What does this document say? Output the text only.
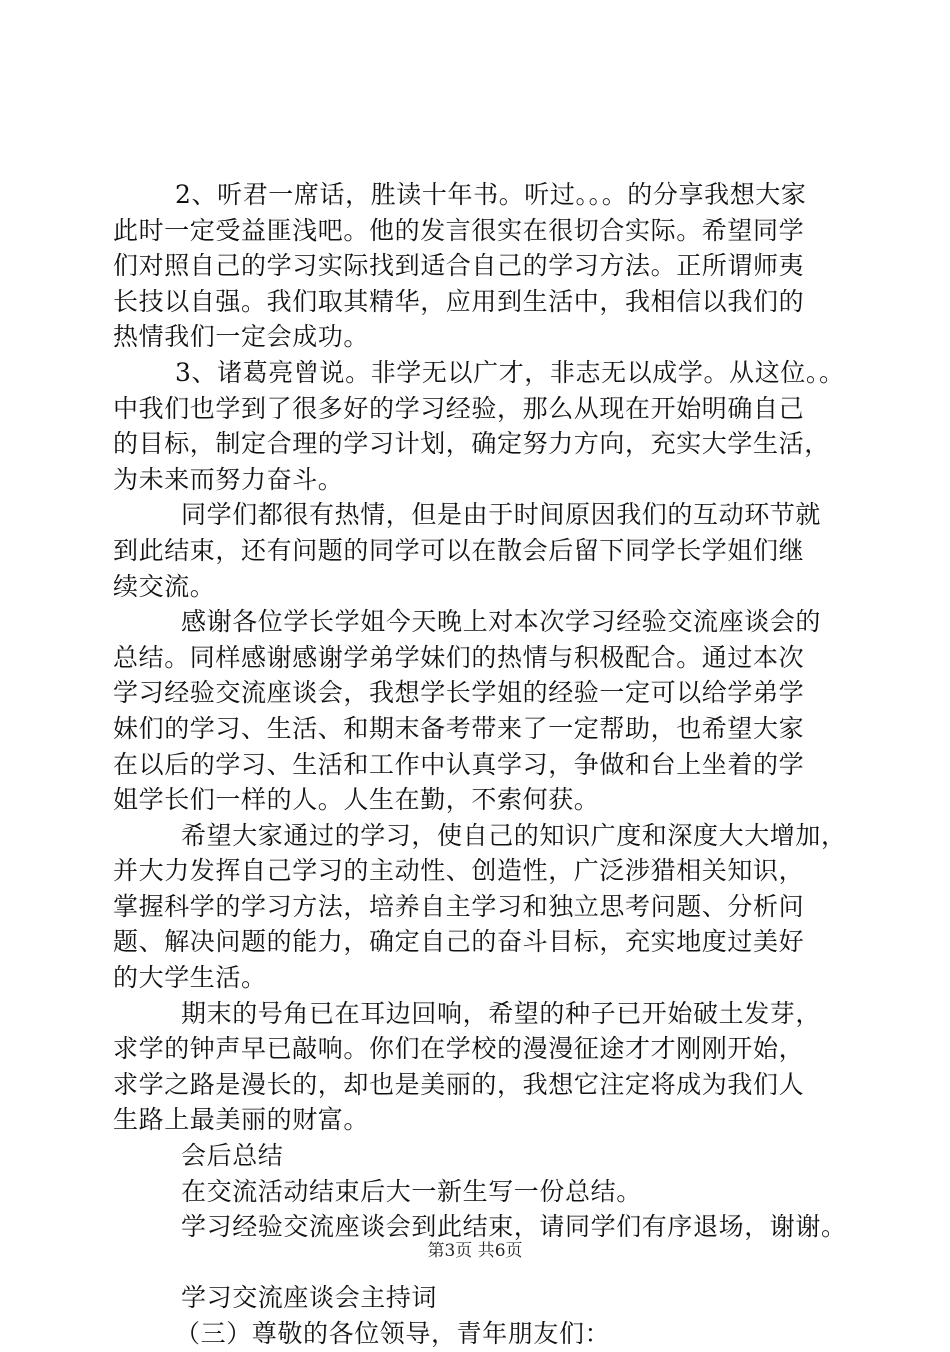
2、听君一席话，胜读十年书。听过。。。的分享我想大家
此时一定受益匪浅吧。他的发言很实在很切合实际。希望同学
们对照自己的学习实际找到适合自己的学习方法。正所谓师夷
长技以自强。我们取其精华，应用到生活中，我相信以我们的
热情我们一定会成功。
3、诸葛亮曾说。非学无以广才，非志无以成学。从这位。。
中我们也学到了很多好的学习经验，那么从现在开始明确自己
的目标，制定合理的学习计划，确定努力方向，充实大学生活，
为未来而努力奋斗。
同学们都很有热情，但是由于时间原因我们的互动环节就
到此结束，还有问题的同学可以在散会后留下同学长学姐们继
续交流。
感谢各位学长学姐今天晚上对本次学习经验交流座谈会的
总结。同样感谢感谢学弟学妹们的热情与积极配合。通过本次
学习经验交流座谈会，我想学长学姐的经验一定可以给学弟学
妹们的学习、生活、和期末备考带来了一定帮助，也希望大家
在以后的学习、生活和工作中认真学习，争做和台上坐着的学
姐学长们一样的人。人生在勤，不索何获。
希望大家通过的学习，使自己的知识广度和深度大大增加，
并大力发挥自己学习的主动性、创造性，广泛涉猎相关知识，
掌握科学的学习方法，培养自主学习和独立思考问题、分析问
题、解决问题的能力，确定自己的奋斗目标，充实地度过美好
的大学生活。
期末的号角已在耳边回响，希望的种子已开始破土发芽，
求学的钟声早已敲响。你们在学校的漫漫征途才才刚刚开始，
求学之路是漫长的，却也是美丽的，我想它注定将成为我们人
生路上最美丽的财富。
会后总结
在交流活动结束后大一新生写一份总结。
学习经验交流座谈会到此结束，请同学们有序退场，谢谢。
学习交流座谈会主持词
（三）尊敬的各位领导，青年朋友们：
第3页 共6页
